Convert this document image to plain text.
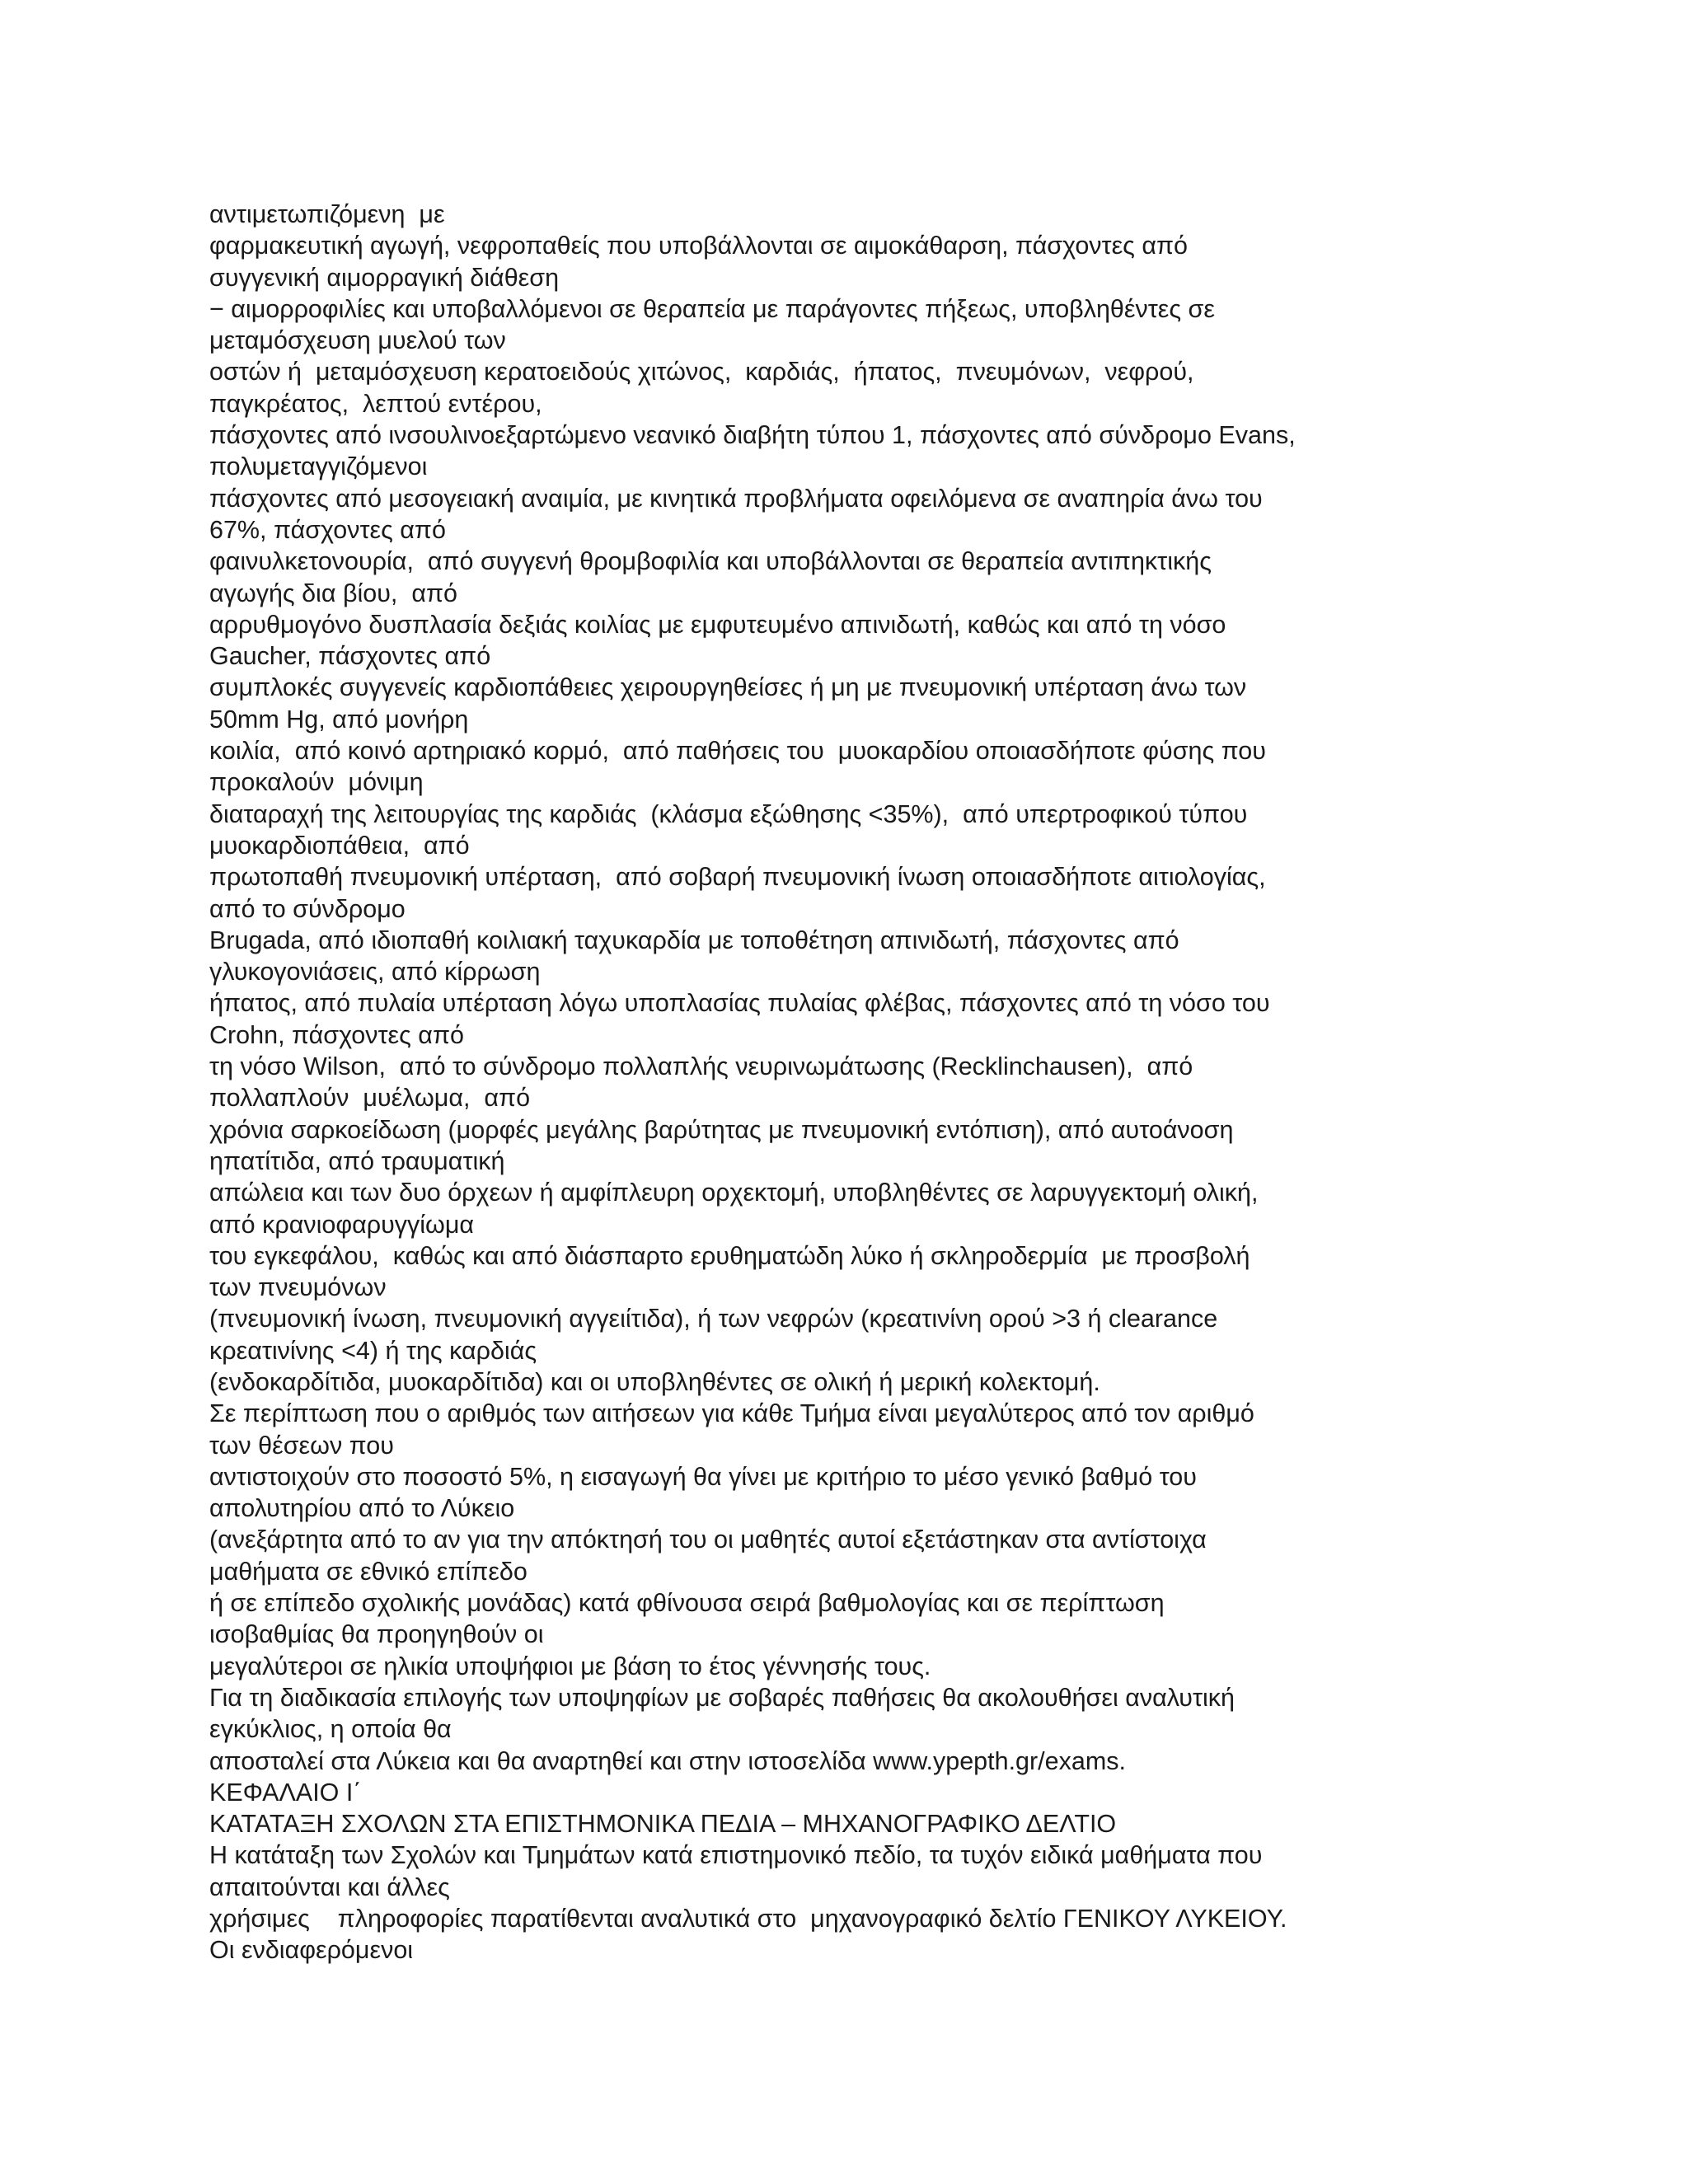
αντιμετωπιζόμενη  με
φαρμακευτική αγωγή, νεφροπαθείς που υποβάλλονται σε αιμοκάθαρση, πάσχοντες από
συγγενική αιμορραγική διάθεση
− αιμορροφιλίες και υποβαλλόμενοι σε θεραπεία με παράγοντες πήξεως, υποβληθέντες σε
μεταμόσχευση μυελού των
οστών ή  μεταμόσχευση κερατοειδούς χιτώνος,  καρδιάς,  ήπατος,  πνευμόνων,  νεφρού,
παγκρέατος,  λεπτού εντέρου,
πάσχοντες από ινσουλινοεξαρτώμενο νεανικό διαβήτη τύπου 1, πάσχοντες από σύνδρομο Evans,
πολυμεταγγιζόμενοι
πάσχοντες από μεσογειακή αναιμία, με κινητικά προβλήματα οφειλόμενα σε αναπηρία άνω του
67%, πάσχοντες από
φαινυλκετονουρία,  από συγγενή θρομβοφιλία και υποβάλλονται σε θεραπεία αντιπηκτικής
αγωγής δια βίου,  από
αρρυθμογόνο δυσπλασία δεξιάς κοιλίας με εμφυτευμένο απινιδωτή, καθώς και από τη νόσο
Gaucher, πάσχοντες από
συμπλοκές συγγενείς καρδιοπάθειες χειρουργηθείσες ή μη με πνευμονική υπέρταση άνω των
50mm Hg, από μονήρη
κοιλία,  από κοινό αρτηριακό κορμό,  από παθήσεις του  μυοκαρδίου οποιασδήποτε φύσης που
προκαλούν  μόνιμη
διαταραχή της λειτουργίας της καρδιάς  (κλάσμα εξώθησης <35%),  από υπερτροφικού τύπου
μυοκαρδιοπάθεια,  από
πρωτοπαθή πνευμονική υπέρταση,  από σοβαρή πνευμονική ίνωση οποιασδήποτε αιτιολογίας,
από το σύνδρομο
Brugada, από ιδιοπαθή κοιλιακή ταχυκαρδία με τοποθέτηση απινιδωτή, πάσχοντες από
γλυκογονιάσεις, από κίρρωση
ήπατος, από πυλαία υπέρταση λόγω υποπλασίας πυλαίας φλέβας, πάσχοντες από τη νόσο του
Crohn, πάσχοντες από
τη νόσο Wilson,  από το σύνδρομο πολλαπλής νευρινωμάτωσης (Recklinchausen),  από
πολλαπλούν  μυέλωμα,  από
χρόνια σαρκοείδωση (μορφές μεγάλης βαρύτητας με πνευμονική εντόπιση), από αυτοάνοση
ηπατίτιδα, από τραυματική
απώλεια και των δυο όρχεων ή αμφίπλευρη ορχεκτομή, υποβληθέντες σε λαρυγγεκτομή ολική,
από κρανιοφαρυγγίωμα
του εγκεφάλου,  καθώς και από διάσπαρτο ερυθηματώδη λύκο ή σκληροδερμία  με προσβολή
των πνευμόνων
(πνευμονική ίνωση, πνευμονική αγγειίτιδα), ή των νεφρών (κρεατινίνη ορού >3 ή clearance
κρεατινίνης <4) ή της καρδιάς
(ενδοκαρδίτιδα, μυοκαρδίτιδα) και οι υποβληθέντες σε ολική ή μερική κολεκτομή.
Σε περίπτωση που ο αριθμός των αιτήσεων για κάθε Τμήμα είναι μεγαλύτερος από τον αριθμό
των θέσεων που
αντιστοιχούν στο ποσοστό 5%, η εισαγωγή θα γίνει με κριτήριο το μέσο γενικό βαθμό του
απολυτηρίου από το Λύκειο
(ανεξάρτητα από το αν για την απόκτησή του οι μαθητές αυτοί εξετάστηκαν στα αντίστοιχα
μαθήματα σε εθνικό επίπεδο
ή σε επίπεδο σχολικής μονάδας) κατά φθίνουσα σειρά βαθμολογίας και σε περίπτωση
ισοβαθμίας θα προηγηθούν οι
μεγαλύτεροι σε ηλικία υποψήφιοι με βάση το έτος γέννησής τους.
Για τη διαδικασία επιλογής των υποψηφίων με σοβαρές παθήσεις θα ακολουθήσει αναλυτική
εγκύκλιος, η οποία θα
αποσταλεί στα Λύκεια και θα αναρτηθεί και στην ιστοσελίδα www.ypepth.gr/exams.
ΚΕΦΑΛΑΙΟ Ι΄
ΚΑΤΑΤΑΞΗ ΣΧΟΛΩΝ ΣΤΑ ΕΠΙΣΤΗΜΟΝΙΚΑ ΠΕΔΙΑ – ΜΗΧΑΝΟΓΡΑΦΙΚΟ ΔΕΛΤΙΟ
Η κατάταξη των Σχολών και Τμημάτων κατά επιστημονικό πεδίο, τα τυχόν ειδικά μαθήματα που
απαιτούνται και άλλες
χρήσιμες    πληροφορίες παρατίθενται αναλυτικά στο  μηχανογραφικό δελτίο ΓΕΝΙΚΟΥ ΛΥΚΕΙΟΥ.
Οι ενδιαφερόμενοι
